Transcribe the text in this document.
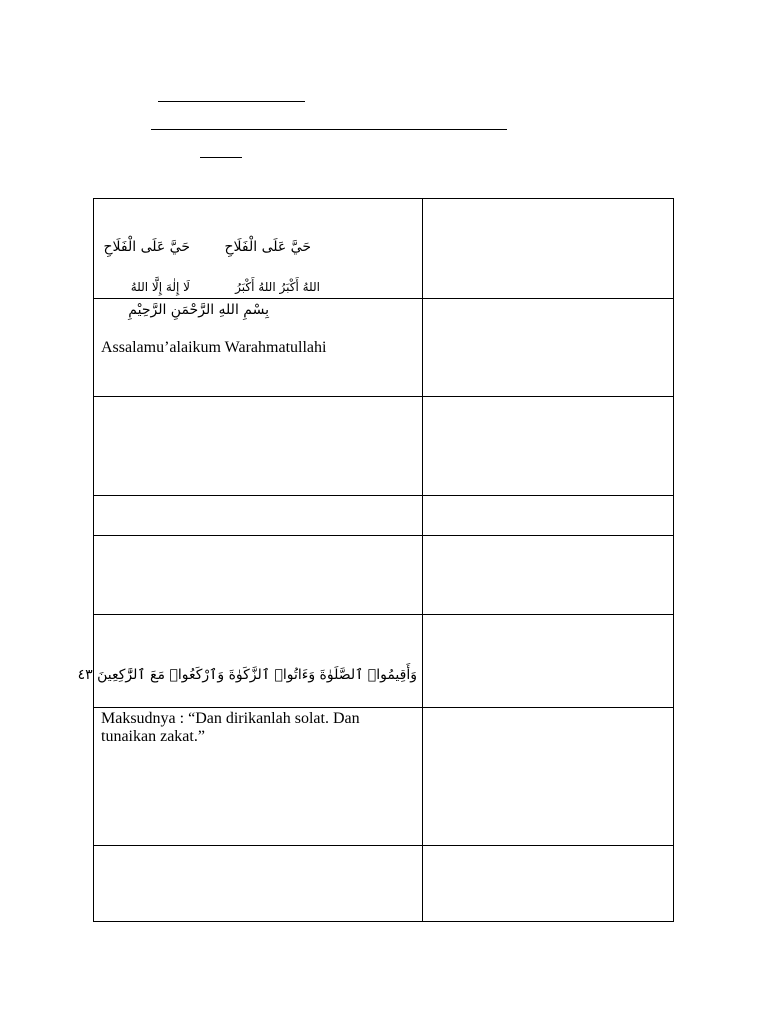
حَيَّ عَلَى الْفَلَاحِ
حَيَّ عَلَى الْفَلَاحِ
اللهُ أَكْبَرُ اللهُ أَكْبَرُ
لَا إِلٰهَ إِلَّا اللهُ
بِسْمِ اللهِ الرَّحْمَنِ الرَّحِيْمِ
Assalamu’alaikum Warahmatullahi
وَأَقِيمُوا۟ ٱلصَّلَوٰةَ وَءَاتُوا۟ ٱلزَّكَوٰةَ وَٱرْكَعُوا۟ مَعَ ٱلرَّٰكِعِينَ ٤٣
Maksudnya : “Dan dirikanlah solat. Dan
tunaikan zakat.”
